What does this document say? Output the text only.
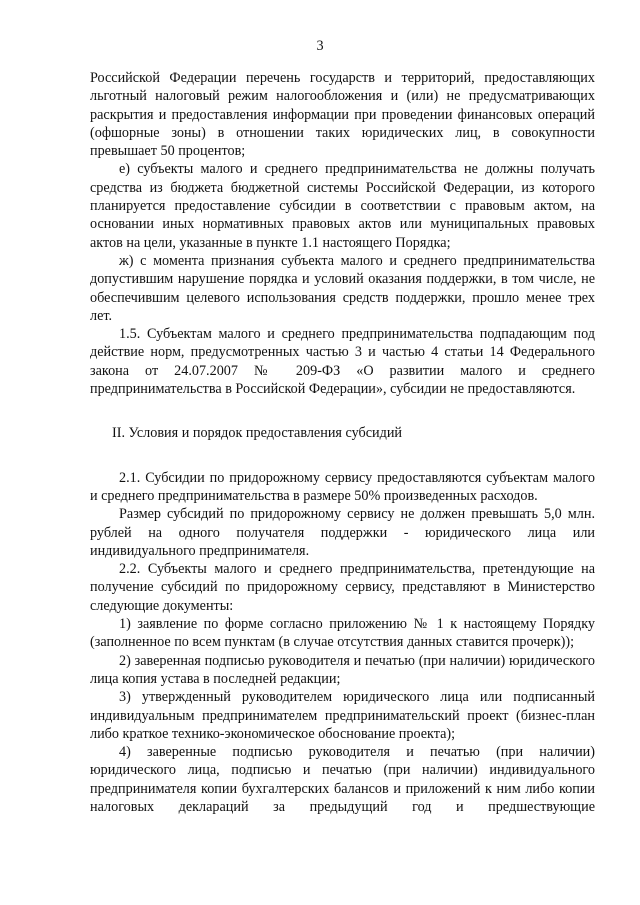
3

Российской Федерации перечень государств и территорий, предоставляющих льготный налоговый режим налогообложения и (или) не предусматривающих раскрытия и предоставления информации при проведении финансовых операций (офшорные зоны) в отношении таких юридических лиц, в совокупности превышает 50 процентов;

е) субъекты малого и среднего предпринимательства не должны получать средства из бюджета бюджетной системы Российской Федерации, из которого планируется предоставление субсидии в соответствии с правовым актом, на основании иных нормативных правовых актов или муниципальных правовых актов на цели, указанные в пункте 1.1 настоящего Порядка;

ж) с момента признания субъекта малого и среднего предпринимательства допустившим нарушение порядка и условий оказания поддержки, в том числе, не обеспечившим целевого использования средств поддержки, прошло менее трех лет.

1.5. Субъектам малого и среднего предпринимательства подпадающим под действие норм, предусмотренных частью 3 и частью 4 статьи 14 Федерального закона от 24.07.2007 № 209-ФЗ «О развитии малого и среднего предпринимательства в Российской Федерации», субсидии не предоставляются.

II. Условия и порядок предоставления субсидий

2.1. Субсидии по придорожному сервису предоставляются субъектам малого и среднего предпринимательства в размере 50% произведенных расходов.

Размер субсидий по придорожному сервису не должен превышать 5,0 млн. рублей на одного получателя поддержки - юридического лица или индивидуального предпринимателя.

2.2. Субъекты малого и среднего предпринимательства, претендующие на получение субсидий по придорожному сервису, представляют в Министерство следующие документы:

1) заявление по форме согласно приложению № 1 к настоящему Порядку (заполненное по всем пунктам (в случае отсутствия данных ставится прочерк));

2) заверенная подписью руководителя и печатью (при наличии) юридического лица копия устава в последней редакции;

3) утвержденный руководителем юридического лица или подписанный индивидуальным предпринимателем предпринимательский проект (бизнес-план либо краткое технико-экономическое обоснование проекта);

4) заверенные подписью руководителя и печатью (при наличии) юридического лица, подписью и печатью (при наличии) индивидуального предпринимателя копии бухгалтерских балансов и приложений к ним либо копии налоговых деклараций за предыдущий год и предшествующие
